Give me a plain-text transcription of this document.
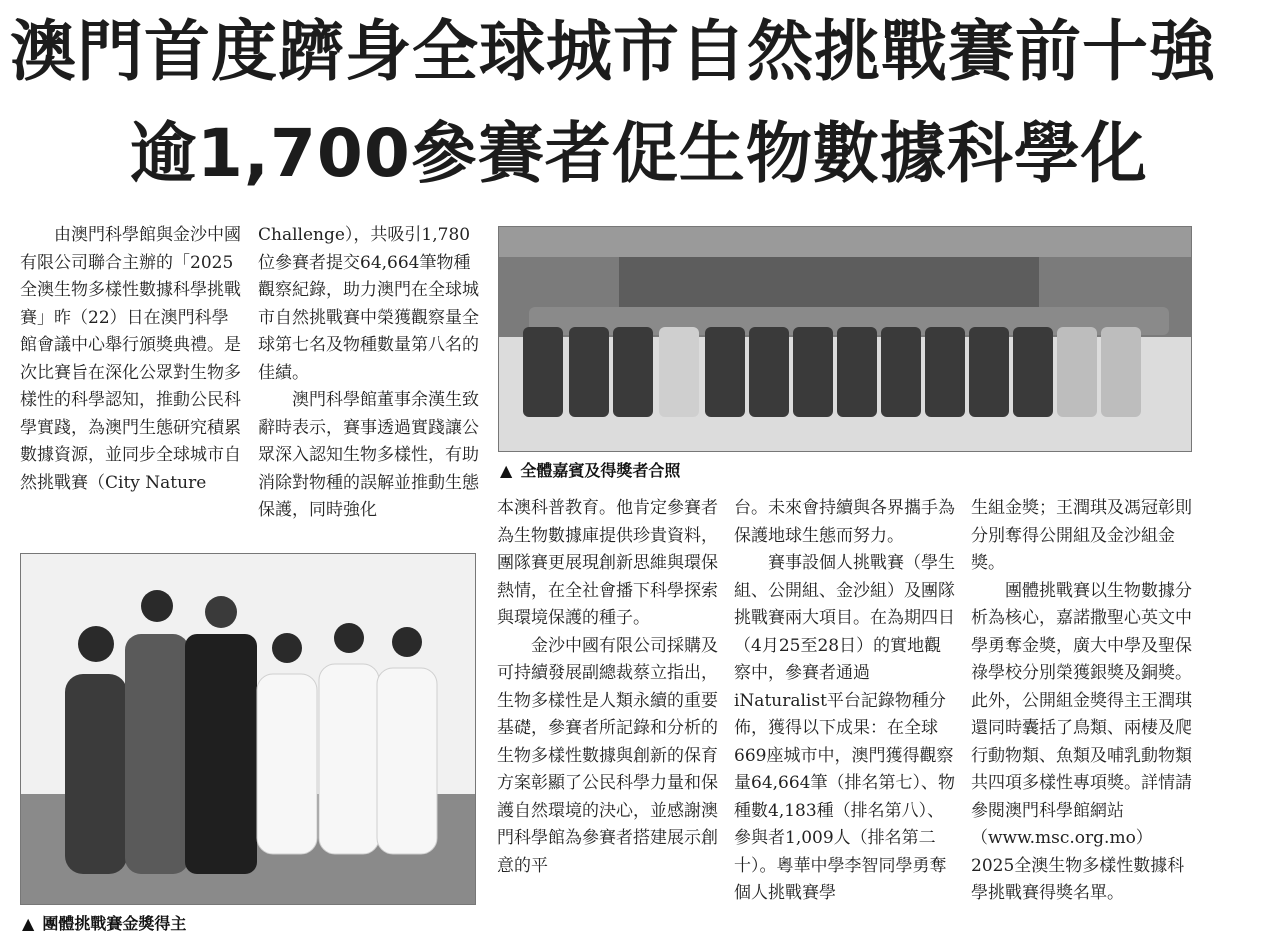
澳門首度躋身全球城市自然挑戰賽前十強
逾1,700參賽者促生物數據科學化

由澳門科學館與金沙中國有限公司聯合主辦的「2025全澳生物多樣性數據科學挑戰賽」昨（22）日在澳門科學館會議中心舉行頒獎典禮。是次比賽旨在深化公眾對生物多樣性的科學認知，推動公民科學實踐，為澳門生態研究積累數據資源，並同步全球城市自然挑戰賽（City Nature

Challenge），共吸引1,780位參賽者提交64,664筆物種觀察紀錄，助力澳門在全球城市自然挑戰賽中榮獲觀察量全球第七名及物種數量第八名的佳績。

澳門科學館董事余漢生致辭時表示，賽事透過實踐讓公眾深入認知生物多樣性，有助消除對物種的誤解並推動生態保護，同時強化

▲ 全體嘉賓及得獎者合照
▲ 團體挑戰賽金獎得主

本澳科普教育。他肯定參賽者為生物數據庫提供珍貴資料，團隊賽更展現創新思維與環保熱情，在全社會播下科學探索與環境保護的種子。

金沙中國有限公司採購及可持續發展副總裁蔡立指出，生物多樣性是人類永續的重要基礎，參賽者所記錄和分析的生物多樣性數據與創新的保育方案彰顯了公民科學力量和保護自然環境的決心，並感謝澳門科學館為參賽者搭建展示創意的平

台。未來會持續與各界攜手為保護地球生態而努力。

賽事設個人挑戰賽（學生組、公開組、金沙組）及團隊挑戰賽兩大項目。在為期四日（4月25至28日）的實地觀察中，參賽者通過iNaturalist平台記錄物種分佈，獲得以下成果：在全球669座城市中，澳門獲得觀察量64,664筆（排名第七）、物種數4,183種（排名第八）、參與者1,009人（排名第二十）。粵華中學李智同學勇奪個人挑戰賽學

生組金獎；王潤琪及馮冠彰則分別奪得公開組及金沙組金獎。

團體挑戰賽以生物數據分析為核心，嘉諾撒聖心英文中學勇奪金獎，廣大中學及聖保祿學校分別榮獲銀獎及銅獎。此外，公開組金獎得主王潤琪還同時囊括了鳥類、兩棲及爬行動物類、魚類及哺乳動物類共四項多樣性專項獎。詳情請參閱澳門科學館網站（www.msc.org.mo）2025全澳生物多樣性數據科學挑戰賽得獎名單。
